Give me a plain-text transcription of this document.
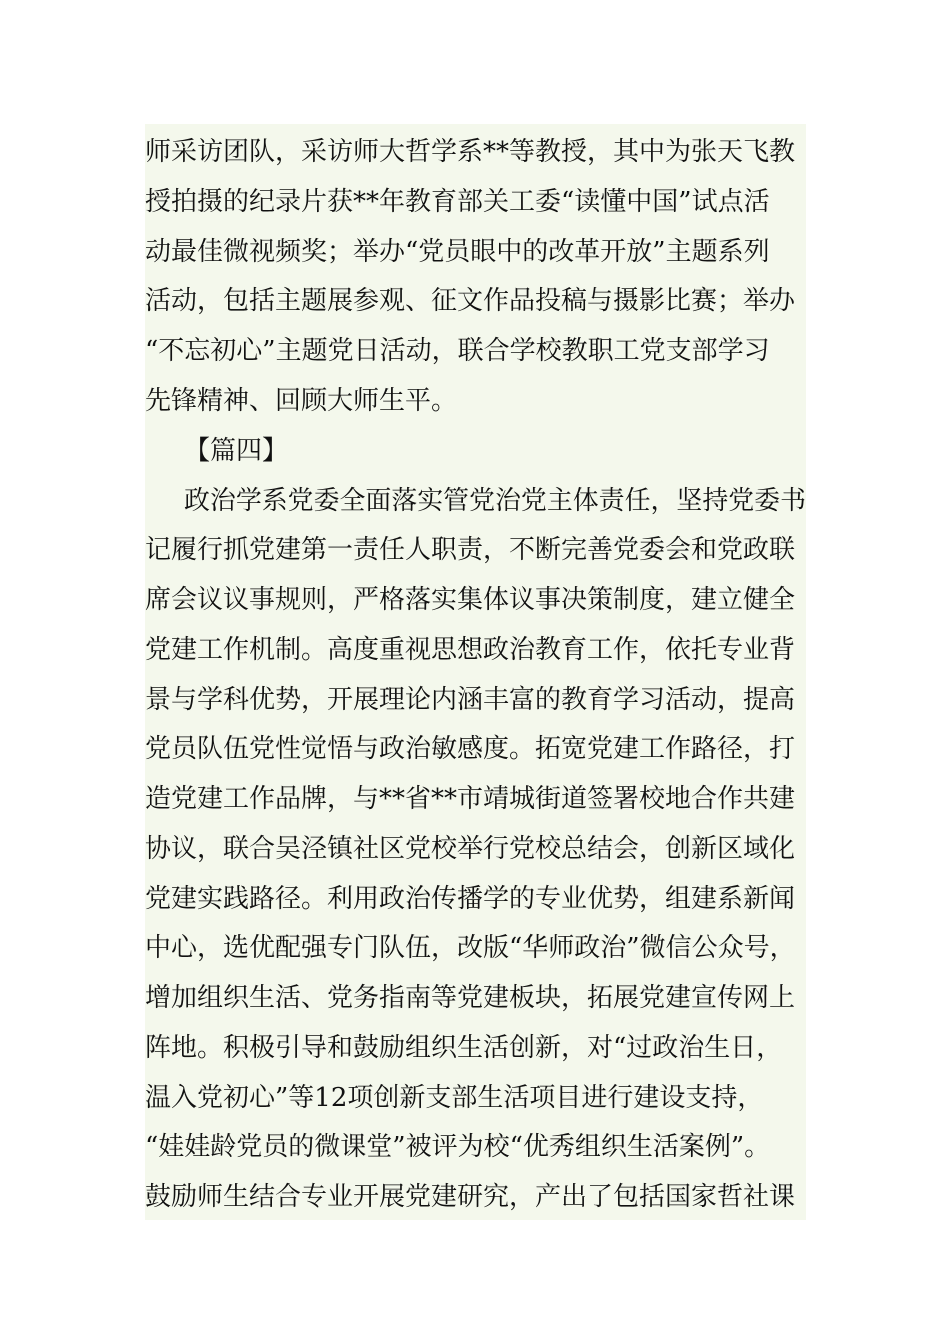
师采访团队，采访师大哲学系**等教授，其中为张天飞教
授拍摄的纪录片获**年教育部关工委“读懂中国”试点活
动最佳微视频奖；举办“党员眼中的改革开放”主题系列
活动，包括主题展参观、征文作品投稿与摄影比赛；举办
“不忘初心”主题党日活动，联合学校教职工党支部学习
先锋精神、回顾大师生平。
【篇四】
政治学系党委全面落实管党治党主体责任，坚持党委书
记履行抓党建第一责任人职责，不断完善党委会和党政联
席会议议事规则，严格落实集体议事决策制度，建立健全
党建工作机制。高度重视思想政治教育工作，依托专业背
景与学科优势，开展理论内涵丰富的教育学习活动，提高
党员队伍党性觉悟与政治敏感度。拓宽党建工作路径，打
造党建工作品牌，与**省**市靖城街道签署校地合作共建
协议，联合吴泾镇社区党校举行党校总结会，创新区域化
党建实践路径。利用政治传播学的专业优势，组建系新闻
中心，选优配强专门队伍，改版“华师政治”微信公众号，
增加组织生活、党务指南等党建板块，拓展党建宣传网上
阵地。积极引导和鼓励组织生活创新，对“过政治生日，
温入党初心”等12项创新支部生活项目进行建设支持，
“娃娃龄党员的微课堂”被评为校“优秀组织生活案例”。
鼓励师生结合专业开展党建研究，产出了包括国家哲社课
